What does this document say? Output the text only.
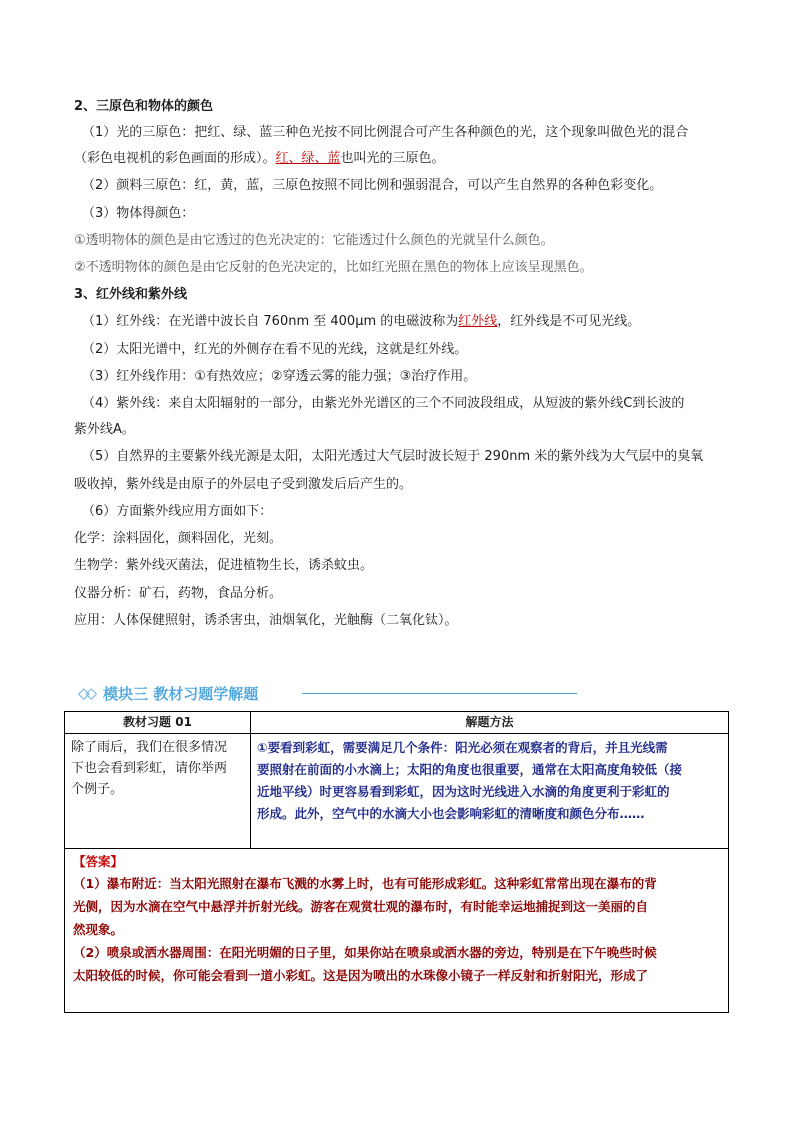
2、三原色和物体的颜色
（1）光的三原色：把红、绿、蓝三种色光按不同比例混合可产生各种颜色的光，这个现象叫做色光的混合
（彩色电视机的彩色画面的形成）。红、绿、蓝也叫光的三原色。
（2）颜料三原色：红，黄，蓝，三原色按照不同比例和强弱混合，可以产生自然界的各种色彩变化。
（3）物体得颜色：
①透明物体的颜色是由它透过的色光决定的：它能透过什么颜色的光就呈什么颜色。
②不透明物体的颜色是由它反射的色光决定的，比如红光照在黑色的物体上应该呈现黑色。
3、红外线和紫外线
（1）红外线：在光谱中波长自 760nm 至 400μm 的电磁波称为红外线，红外线是不可见光线。
（2）太阳光谱中，红光的外侧存在看不见的光线，这就是红外线。
（3）红外线作用：①有热效应；②穿透云雾的能力强；③治疗作用。
（4）紫外线：来自太阳辐射的一部分，由紫光外光谱区的三个不同波段组成，从短波的紫外线C到长波的
紫外线A。
（5）自然界的主要紫外线光源是太阳，太阳光透过大气层时波长短于 290nm 米的紫外线为大气层中的臭氧
吸收掉，紫外线是由原子的外层电子受到激发后后产生的。
（6）方面紫外线应用方面如下：
化学：涂料固化，颜料固化，光刻。
生物学：紫外线灭菌法，促进植物生长，诱杀蚊虫。
仪器分析：矿石，药物，食品分析。
应用：人体保健照射，诱杀害虫，油烟氧化，光触酶（二氧化钛）。
◇◇ 模块三 教材习题学解题
教材习题 01	解题方法
除了雨后，我们在很多情况
下也会看到彩虹，请你举两
个例子。
①要看到彩虹，需要满足几个条件：阳光必须在观察者的背后，并且光线需
要照射在前面的小水滴上；太阳的角度也很重要，通常在太阳高度角较低（接
近地平线）时更容易看到彩虹，因为这时光线进入水滴的角度更利于彩虹的
形成。此外，空气中的水滴大小也会影响彩虹的清晰度和颜色分布……
【答案】
（1）瀑布附近：当太阳光照射在瀑布飞溅的水雾上时，也有可能形成彩虹。这种彩虹常常出现在瀑布的背
光侧，因为水滴在空气中悬浮并折射光线。游客在观赏壮观的瀑布时，有时能幸运地捕捉到这一美丽的自
然现象。
（2）喷泉或洒水器周围：在阳光明媚的日子里，如果你站在喷泉或洒水器的旁边，特别是在下午晚些时候
太阳较低的时候，你可能会看到一道小彩虹。这是因为喷出的水珠像小镜子一样反射和折射阳光，形成了
